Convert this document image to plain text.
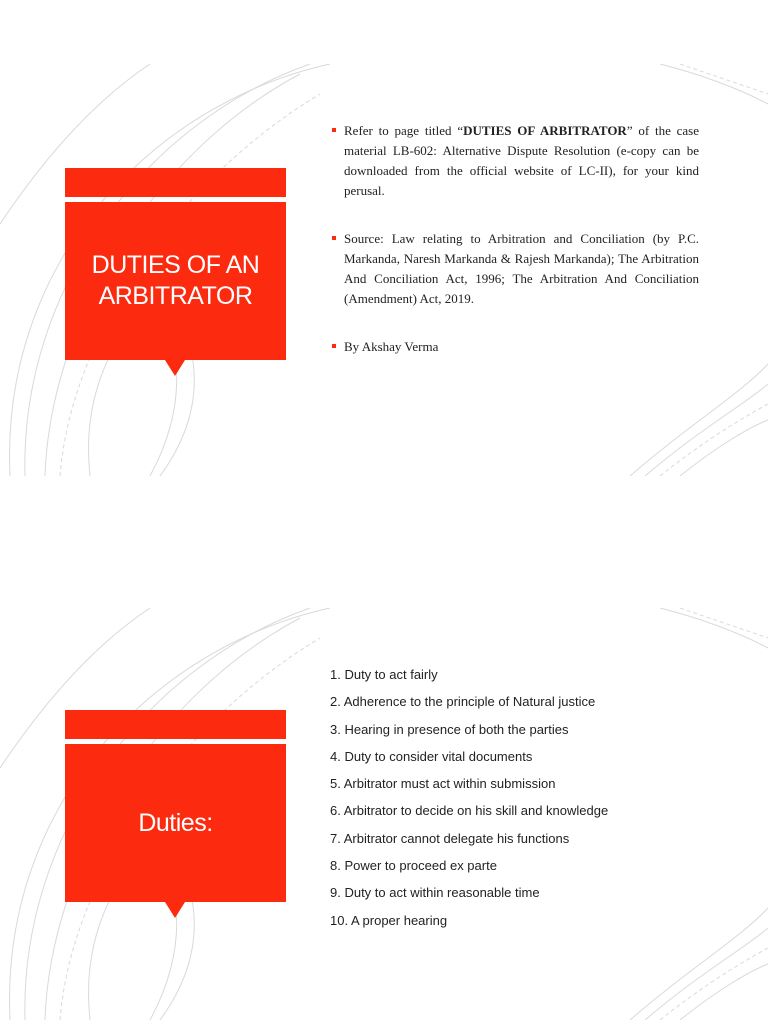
DUTIES OF AN
ARBITRATOR
Refer to page titled “DUTIES OF ARBITRATOR” of the case material LB-602: Alternative Dispute Resolution (e-copy can be downloaded from the official website of LC-II), for your kind perusal.
Source: Law relating to Arbitration and Conciliation (by P.C. Markanda, Naresh Markanda & Rajesh Markanda); The Arbitration And Conciliation Act, 1996; The Arbitration And Conciliation (Amendment) Act, 2019.
By Akshay Verma
Duties:
1. Duty to act fairly
2. Adherence to the principle of Natural justice
3. Hearing in presence of both the parties
4. Duty to consider vital documents
5. Arbitrator must act within submission
6. Arbitrator to decide on his skill and knowledge
7. Arbitrator cannot delegate his functions
8. Power to proceed ex parte
9. Duty to act within reasonable time
10. A proper hearing
